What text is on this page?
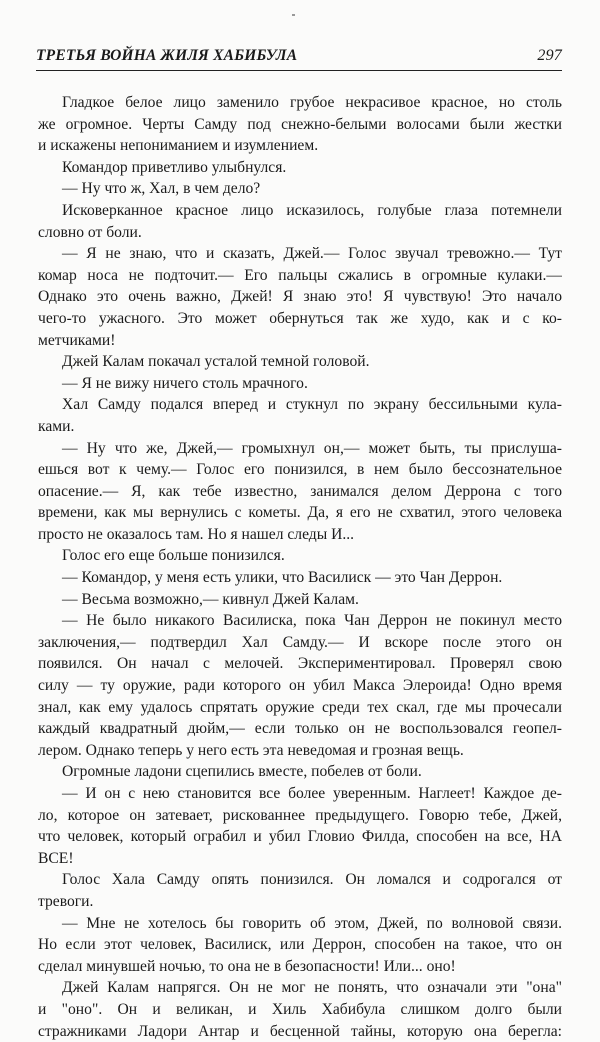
ТРЕТЬЯ ВОЙНА ЖИЛЯ ХАБИБУЛА	297
Гладкое белое лицо заменило грубое некрасивое красное, но столь
же огромное. Черты Самду под снежно-белыми волосами были жестки
и искажены непониманием и изумлением.
Командор приветливо улыбнулся.
— Ну что ж, Хал, в чем дело?
Исковерканное красное лицо исказилось, голубые глаза потемнели
словно от боли.
— Я не знаю, что и сказать, Джей.— Голос звучал тревожно.— Тут
комар носа не подточит.— Его пальцы сжались в огромные кулаки.—
Однако это очень важно, Джей! Я знаю это! Я чувствую! Это начало
чего-то ужасного. Это может обернуться так же худо, как и с ко-
метчиками!
Джей Калам покачал усталой темной головой.
— Я не вижу ничего столь мрачного.
Хал Самду подался вперед и стукнул по экрану бессильными кула-
ками.
— Ну что же, Джей,— громыхнул он,— может быть, ты прислуша-
ешься вот к чему.— Голос его понизился, в нем было бессознательное
опасение.— Я, как тебе известно, занимался делом Деррона с того
времени, как мы вернулись с кометы. Да, я его не схватил, этого человека
просто не оказалось там. Но я нашел следы И...
Голос его еще больше понизился.
— Командор, у меня есть улики, что Василиск — это Чан Деррон.
— Весьма возможно,— кивнул Джей Калам.
— Не было никакого Василиска, пока Чан Деррон не покинул место
заключения,— подтвердил Хал Самду.— И вскоре после этого он
появился. Он начал с мелочей. Экспериментировал. Проверял свою
силу — ту оружие, ради которого он убил Макса Элероида! Одно время
знал, как ему удалось спрятать оружие среди тех скал, где мы прочесали
каждый квадратный дюйм,— если только он не воспользовался геопел-
лером. Однако теперь у него есть эта неведомая и грозная вещь.
Огромные ладони сцепились вместе, побелев от боли.
— И он с нею становится все более уверенным. Наглеет! Каждое де-
ло, которое он затевает, рискованнее предыдущего. Говорю тебе, Джей,
что человек, который ограбил и убил Гловио Филда, способен на все, НА
ВСЕ!
Голос Хала Самду опять понизился. Он ломался и содрогался от
тревоги.
— Мне не хотелось бы говорить об этом, Джей, по волновой связи.
Но если этот человек, Василиск, или Деррон, способен на такое, что он
сделал минувшей ночью, то она не в безопасности! Или... оно!
Джей Калам напрягся. Он не мог не понять, что означали эти "она"
и "оно". Он и великан, и Хиль Хабибула слишком долго были
стражниками Ладори Антар и бесценной тайны, которую она берегла:
